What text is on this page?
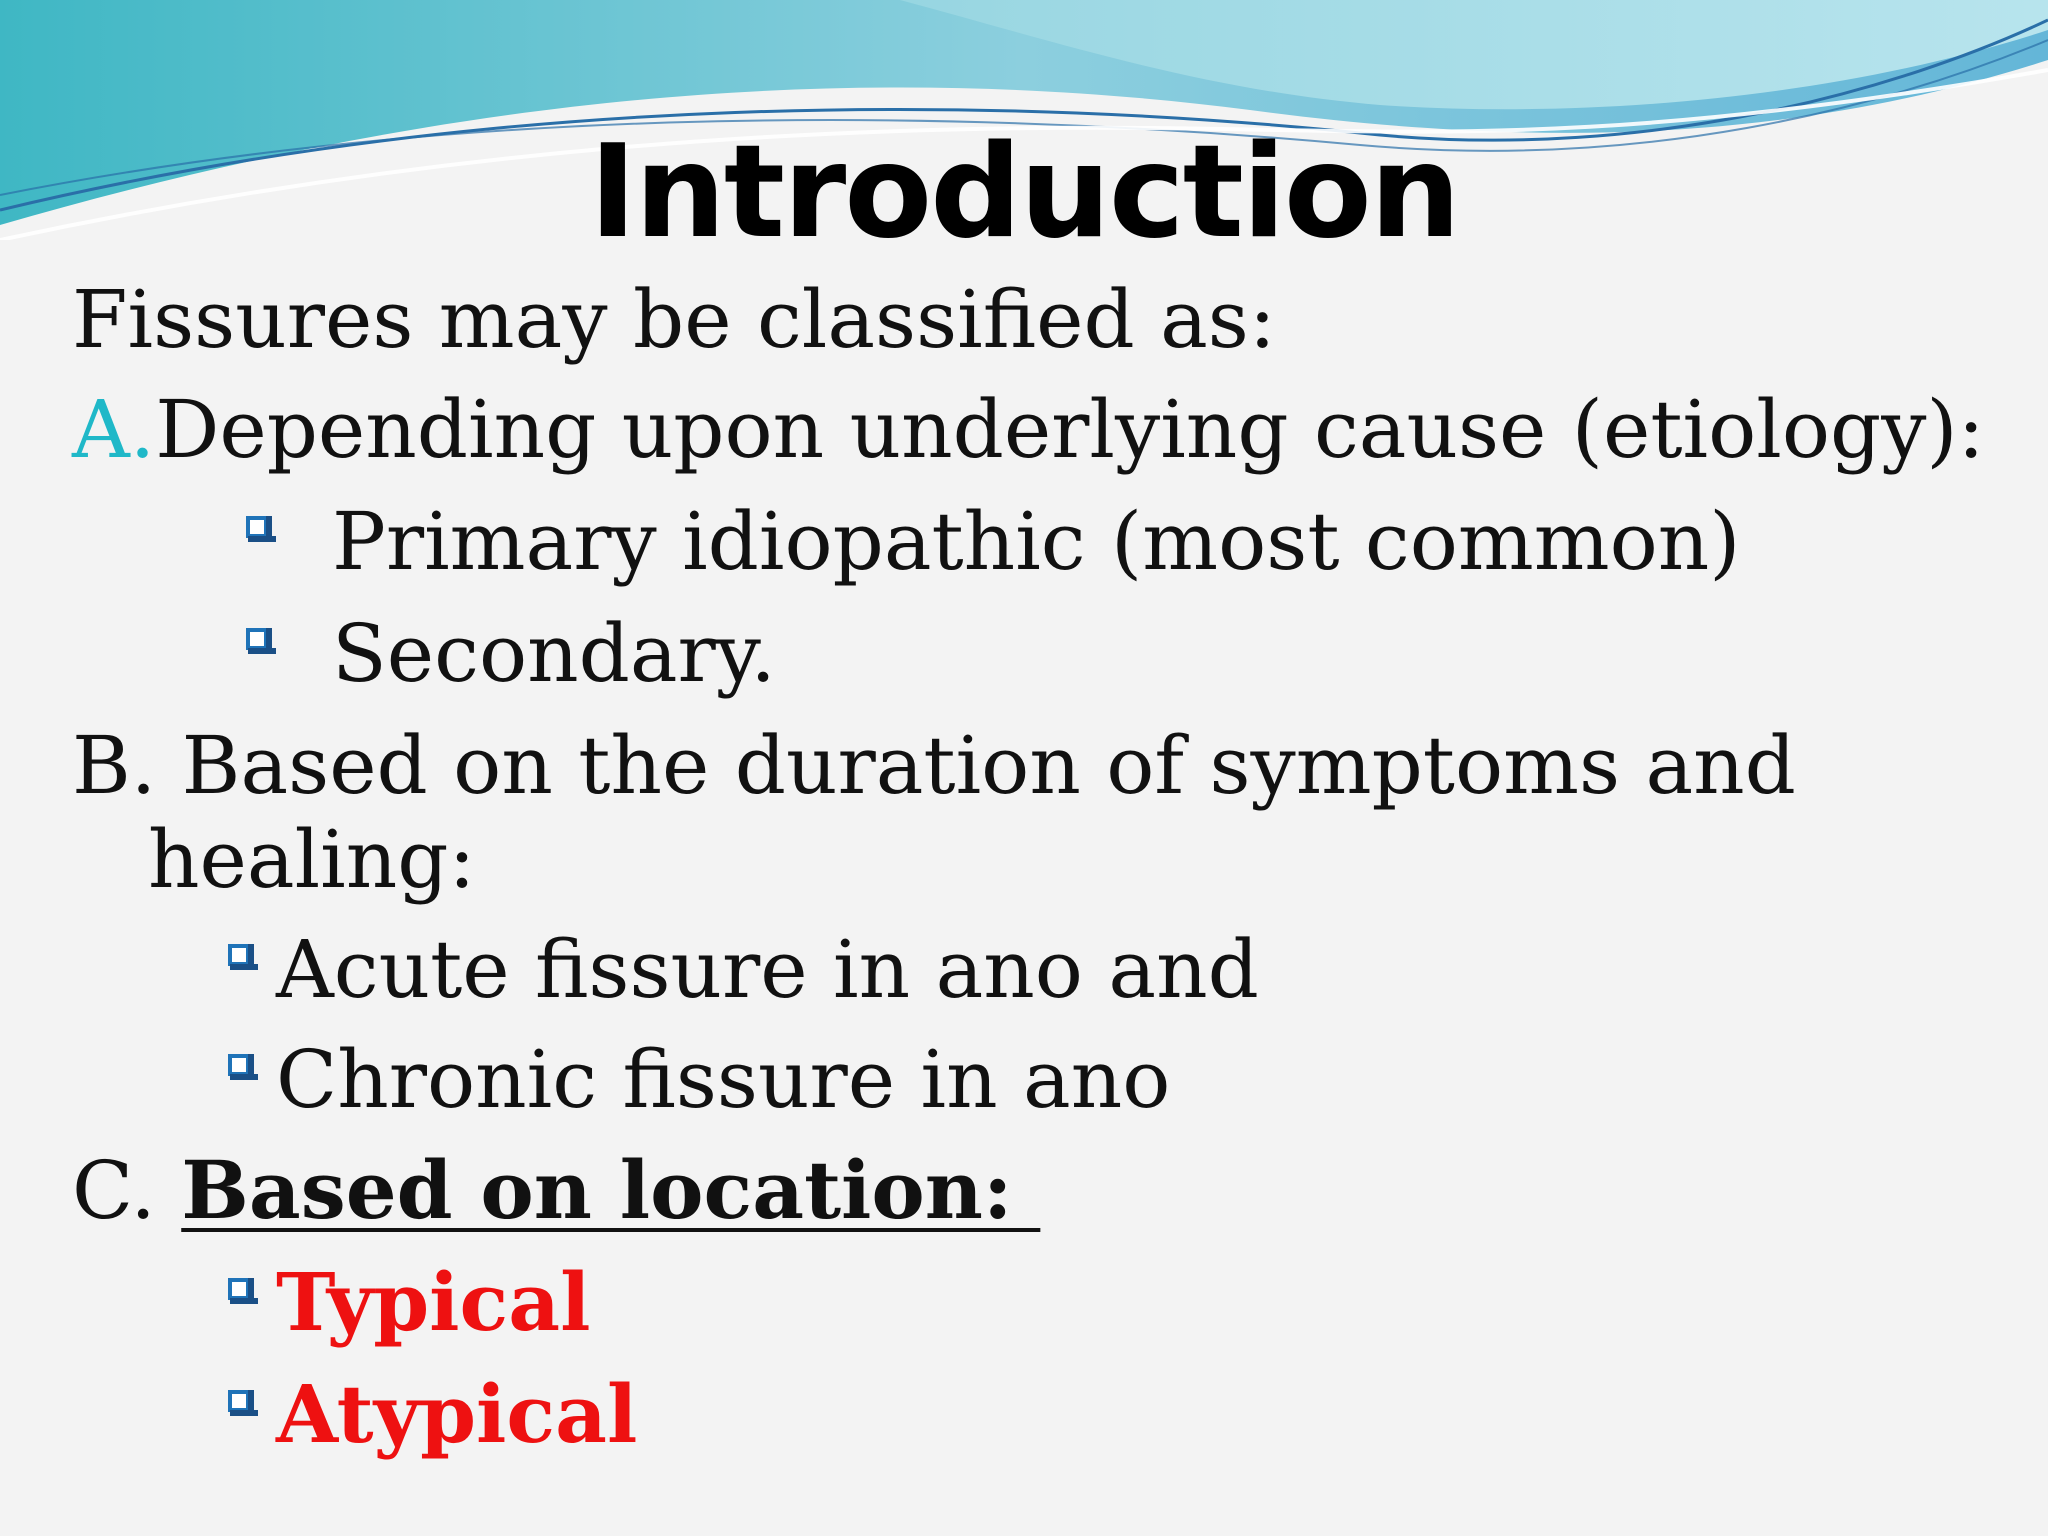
Introduction
Fissures may be classified as:
A.Depending upon underlying cause (etiology):
Primary idiopathic (most common)
Secondary.
B. Based on the duration of symptoms and
healing:
Acute fissure in ano and
Chronic fissure in ano
C. Based on location:
Typical
Atypical
